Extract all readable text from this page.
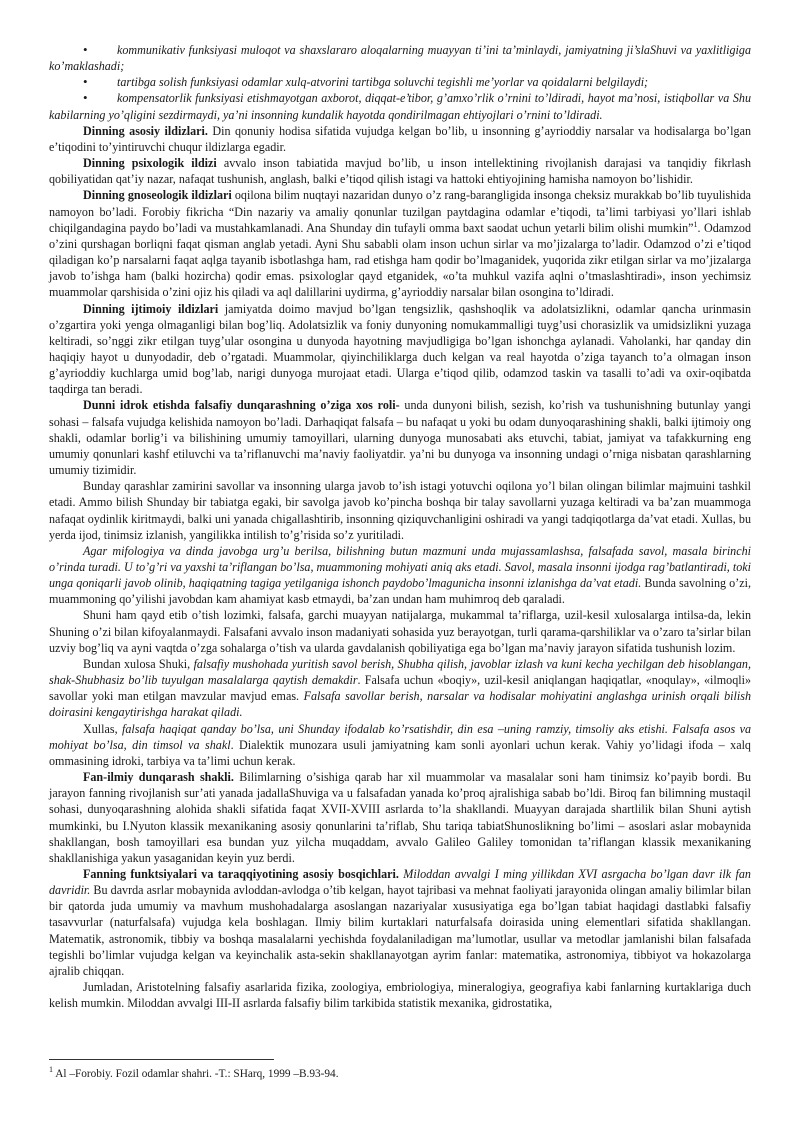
• kommunikativ funksiyasi muloqot va shaxslararo aloqalarning muayyan ti’ini ta’minlaydi, jamiyatning ji’slaShuvi va yaxlitligiga ko’maklashadi;

• tartibga solish funksiyasi odamlar xulq-atvorini tartibga soluvchi tegishli me’yorlar va qoidalarni belgilaydi;

• kompensatorlik funksiyasi etishmayotgan axborot, diqqat-e’tibor, g’amxo’rlik o’rnini to’ldiradi, hayot ma’nosi, istiqbollar va Shu kabilarning yo’qligini sezdirmaydi, ya’ni insonning kundalik hayotda qondirilmagan ehtiyojlari o’rnini to’ldiradi.

Dinning asosiy ildizlari. Din qonuniy hodisa sifatida vujudga kelgan bo’lib, u insonning g’ayrioddiy narsalar va hodisalarga bo’lgan e’tiqodini to’yintiruvchi chuqur ildizlarga egadir.

Dinning psixologik ildizi avvalo inson tabiatida mavjud bo’lib, u inson intellektining rivojlanish darajasi va tanqidiy fikrlash qobiliyatidan qat’iy nazar, nafaqat tushunish, anglash, balki e’tiqod qilish istagi va hattoki ehtiyojining hamisha namoyon bo’lishidir.

Dinning gnoseologik ildizlari oqilona bilim nuqtayi nazaridan dunyo o’z rang-barangligida insonga cheksiz murakkab bo’lib tuyulishida namoyon bo’ladi. Forobiy fikricha “Din nazariy va amaliy qonunlar tuzilgan paytdagina odamlar e’tiqodi, ta’limi tarbiyasi yo’llari ishlab chiqilgandagina paydo bo’ladi va mustahkamlanadi. Ana Shunday din tufayli omma baxt saodat uchun yetarli bilim olishi mumkin”$^1$. Odamzod o’zini qurshagan borliqni faqat qisman anglab yetadi. Ayni Shu sababli olam inson uchun sirlar va mo’jizalarga to’ladir. Odamzod o’zi e’tiqod qiladigan ko’p narsalarni faqat aqlga tayanib isbotlashga ham, rad etishga ham qodir bo’lmaganidek, yuqorida zikr etilgan sirlar va mo’jizalarga javob to’ishga ham (balki hozircha) qodir emas. psixologlar qayd etganidek, «o’ta muhkul vazifa aqlni o’tmaslashtiradi», inson yechimsiz muammolar qarshisida o’zini ojiz his qiladi va aql dalillarini uydirma, g’ayrioddiy narsalar bilan osongina to’ldiradi.

Dinning ijtimoiy ildizlari jamiyatda doimo mavjud bo’lgan tengsizlik, qashshoqlik va adolatsizlikni, odamlar qancha urinmasin o’zgartira yoki yenga olmaganligi bilan bog’liq. Adolatsizlik va foniy dunyoning nomukammalligi tuyg’usi chorasizlik va umidsizlikni yuzaga keltiradi, so’nggi zikr etilgan tuyg’ular osongina u dunyoda hayotning mavjudligiga bo’lgan ishonchga aylanadi. Vaholanki, har qanday din haqiqiy hayot u dunyodadir, deb o’rgatadi. Muammolar, qiyinchiliklarga duch kelgan va real hayotda o’ziga tayanch to’a olmagan inson g’ayrioddiy kuchlarga umid bog’lab, narigi dunyoga murojaat etadi. Ularga e’tiqod qilib, odamzod taskin va tasalli to’adi va oxir-oqibatda taqdirga tan beradi.

Dunni idrok etishda falsafiy dunqarashning o’ziga xos roli- unda dunyoni bilish, sezish, ko’rish va tushunishning butunlay yangi sohasi – falsafa vujudga kelishida namoyon bo’ladi. Darhaqiqat falsafa – bu nafaqat u yoki bu odam dunyoqarashining shakli, balki ijtimoiy ong shakli, odamlar borlig’i va bilishining umumiy tamoyillari, ularning dunyoga munosabati aks etuvchi, tabiat, jamiyat va tafakkurning eng umumiy qonunlari kashf etiluvchi va ta’riflanuvchi ma’naviy faoliyatdir. ya’ni bu dunyoga va insonning undagi o’rniga nisbatan qarashlarning umumiy tizimidir.

Bunday qarashlar zamirini savollar va insonning ularga javob to’ish istagi yotuvchi oqilona yo’l bilan olingan bilimlar majmuini tashkil etadi. Ammo bilish Shunday bir tabiatga egaki, bir savolga javob ko’pincha boshqa bir talay savollarni yuzaga keltiradi va ba’zan muammoga nafaqat oydinlik kiritmaydi, balki uni yanada chigallashtirib, insonning qiziquvchanligini oshiradi va yangi tadqiqotlarga da’vat etadi. Xullas, bu yerda ijod, tinimsiz izlanish, yangilikka intilish to’g’risida so’z yuritiladi.

Agar mifologiya va dinda javobga urg’u berilsa, bilishning butun mazmuni unda mujassamlashsa, falsafada savol, masala birinchi o’rinda turadi. U to’g’ri va yaxshi ta’riflangan bo’lsa, muammoning mohiyati aniq aks etadi. Savol, masala insonni ijodga rag’batlantiradi, toki unga qoniqarli javob olinib, haqiqatning tagiga yetilganiga ishonch paydobo’lmagunicha insonni izlanishga da’vat etadi. Bunda savolning o’zi, muammoning qo’yilishi javobdan kam ahamiyat kasb etmaydi, ba’zan undan ham muhimroq deb qaraladi.

Shuni ham qayd etib o’tish lozimki, falsafa, garchi muayyan natijalarga, mukammal ta’riflarga, uzil-kesil xulosalarga intilsa-da, lekin Shuning o’zi bilan kifoyalanmaydi. Falsafani avvalo inson madaniyati sohasida yuz berayotgan, turli qarama-qarshiliklar va o’zaro ta’sirlar bilan uzviy bog’liq va ayni vaqtda o’zga sohalarga o’tish va ularda gavdalanish qobiliyatiga ega bo’lgan ma’naviy jarayon sifatida tushunish lozim.

Bundan xulosa Shuki, falsafiy mushohada yuritish savol berish, Shubha qilish, javoblar izlash va kuni kecha yechilgan deb hisoblangan, shak-Shubhasiz bo’lib tuyulgan masalalarga qaytish demakdir. Falsafa uchun «boqiy», uzil-kesil aniqlangan haqiqatlar, «noqulay», «ilmoqli» savollar yoki man etilgan mavzular mavjud emas. Falsafa savollar berish, narsalar va hodisalar mohiyatini anglashga urinish orqali bilish doirasini kengaytirishga harakat qiladi.

Xullas, falsafa haqiqat qanday bo’lsa, uni Shunday ifodalab ko’rsatishdir, din esa –uning ramziy, timsoliy aks etishi. Falsafa asos va mohiyat bo’lsa, din timsol va shakl. Dialektik munozara usuli jamiyatning kam sonli ayonlari uchun kerak. Vahiy yo’lidagi ifoda – xalq ommasining idroki, tarbiya va ta’limi uchun kerak.

Fan-ilmiy dunqarash shakli. Bilimlarning o’sishiga qarab har xil muammolar va masalalar soni ham tinimsiz ko’payib bordi. Bu jarayon fanning rivojlanish sur’ati yanada jadallaShuviga va u falsafadan yanada ko’proq ajralishiga sabab bo’ldi. Biroq fan bilimning mustaqil sohasi, dunyoqarashning alohida shakli sifatida faqat XVII-XVIII asrlarda to’la shakllandi. Muayyan darajada shartlilik bilan Shuni aytish mumkinki, bu I.Nyuton klassik mexanikaning asosiy qonunlarini ta’riflab, Shu tariqa tabiatShunoslikning bo’limi – asoslari aslar mobaynida shakllangan, bosh tamoyillari esa bundan yuz yilcha muqaddam, avvalo Galileo Galiley tomonidan ta’riflangan klassik mexanikaning shakllanishiga yakun yasaganidan keyin yuz berdi.

Fanning funktsiyalari va taraqqiyotining asosiy bosqichlari. Miloddan avvalgi I ming yillikdan XVI asrgacha bo’lgan davr ilk fan davridir. Bu davrda asrlar mobaynida avloddan-avlodga o’tib kelgan, hayot tajribasi va mehnat faoliyati jarayonida olingan amaliy bilimlar bilan bir qatorda juda umumiy va mavhum mushohadalarga asoslangan nazariyalar xususiyatiga ega bo’lgan tabiat haqidagi dastlabki falsafiy tasavvurlar (naturfalsafa) vujudga kela boshlagan. Ilmiy bilim kurtaklari naturfalsafa doirasida uning elementlari sifatida shakllangan. Matematik, astronomik, tibbiy va boshqa masalalarni yechishda foydalaniladigan ma’lumotlar, usullar va metodlar jamlanishi bilan falsafada tegishli bo’limlar vujudga kelgan va keyinchalik asta-sekin shakllanayotgan ayrim fanlar: matematika, astronomiya, tibbiyot va hokazolarga ajralib chiqqan.

Jumladan, Aristotelning falsafiy asarlarida fizika, zoologiya, embriologiya, mineralogiya, geografiya kabi fanlarning kurtaklariga duch kelish mumkin. Miloddan avvalgi III-II asrlarda falsafiy bilim tarkibida statistik mexanika, gidrostatika,

$^1$ Al –Forobiy. Fozil odamlar shahri. -T.: SHarq, 1999 –B.93-94.
